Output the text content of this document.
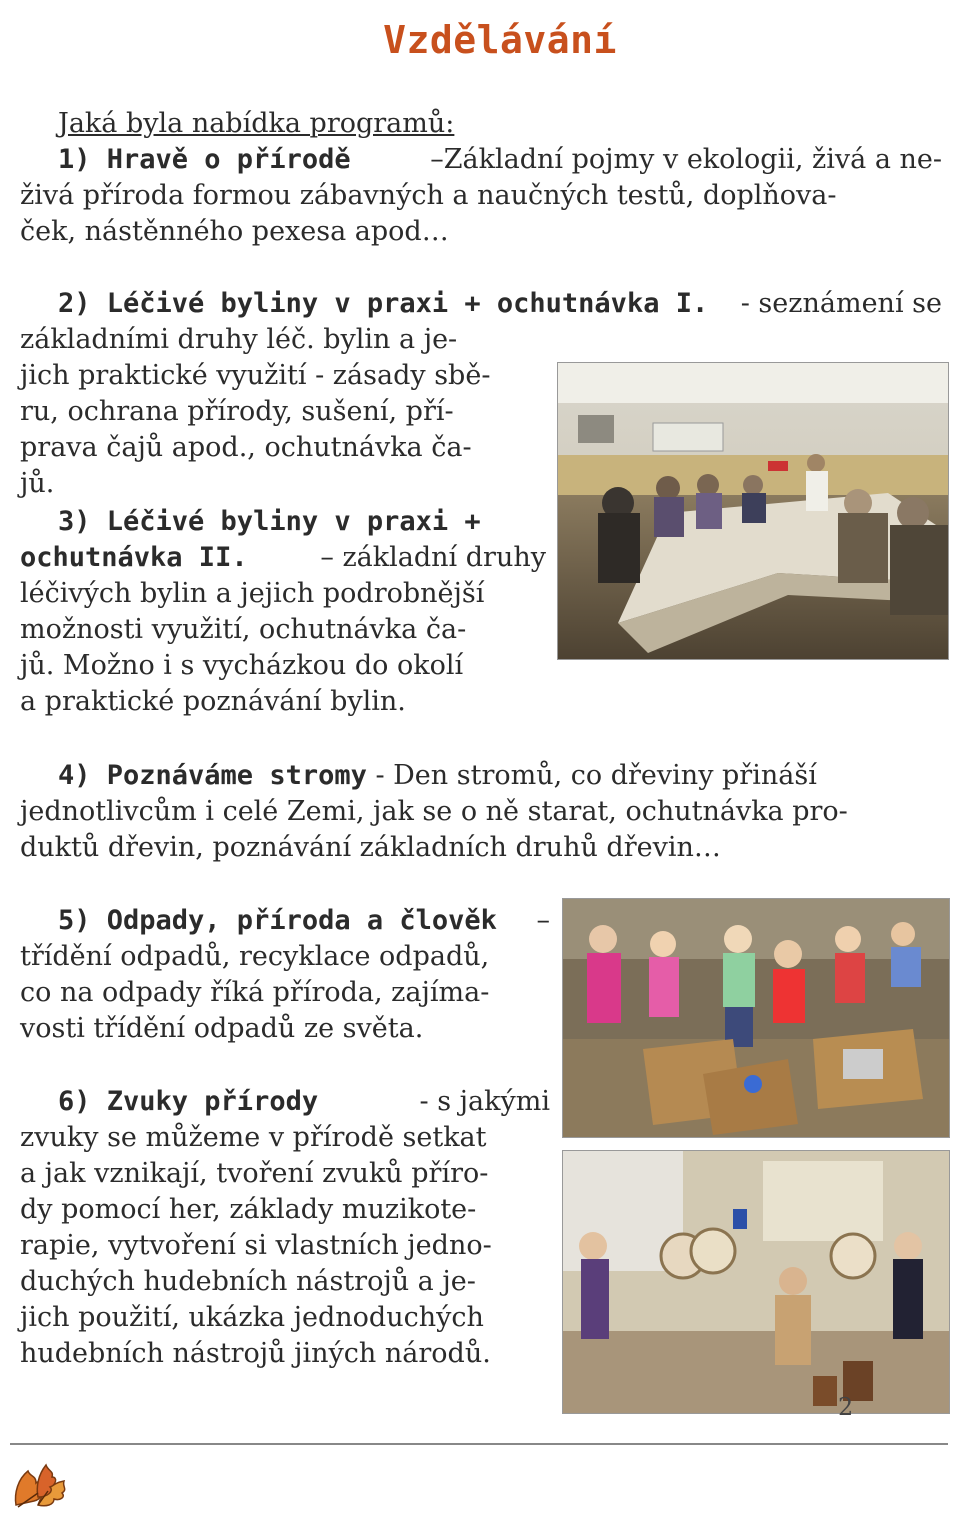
Vzdělávání
Jaká byla nabídka programů:
1) Hravě o přírodě	–Základní pojmy v ekologii, živá a ne-
živá příroda formou zábavných a naučných testů, doplňova-
ček, nástěnného pexesa apod…
2) Léčivé byliny v praxi + ochutnávka I. - seznámení se
základními druhy léč. bylin a je-
jich praktické využití - zásady sbě-
ru, ochrana přírody, sušení, pří-
prava čajů apod., ochutnávka ča-
jů.
3) Léčivé byliny v praxi +
ochutnávka II.	– základní druhy
léčivých bylin a jejich podrobnější
možnosti využití, ochutnávka ča-
jů. Možno i s vycházkou do okolí
a praktické poznávání bylin.
4) Poznáváme stromy - Den stromů, co dřeviny přináší
jednotlivcům i celé Zemi, jak se o ně starat, ochutnávka pro-
duktů dřevin, poznávání základních druhů dřevin…
5) Odpady, příroda a člověk –
třídění odpadů, recyklace odpadů,
co na odpady říká příroda, zajíma-
vosti třídění odpadů ze světa.
6) Zvuky přírody	- s jakými
zvuky se můžeme v přírodě setkat
a jak vznikají, tvoření zvuků příro-
dy pomocí her, základy muzikote-
rapie, vytvoření si vlastních jedno-
duchých hudebních nástrojů a je-
jich použití, ukázka jednoduchých
hudebních nástrojů jiných národů.
2
